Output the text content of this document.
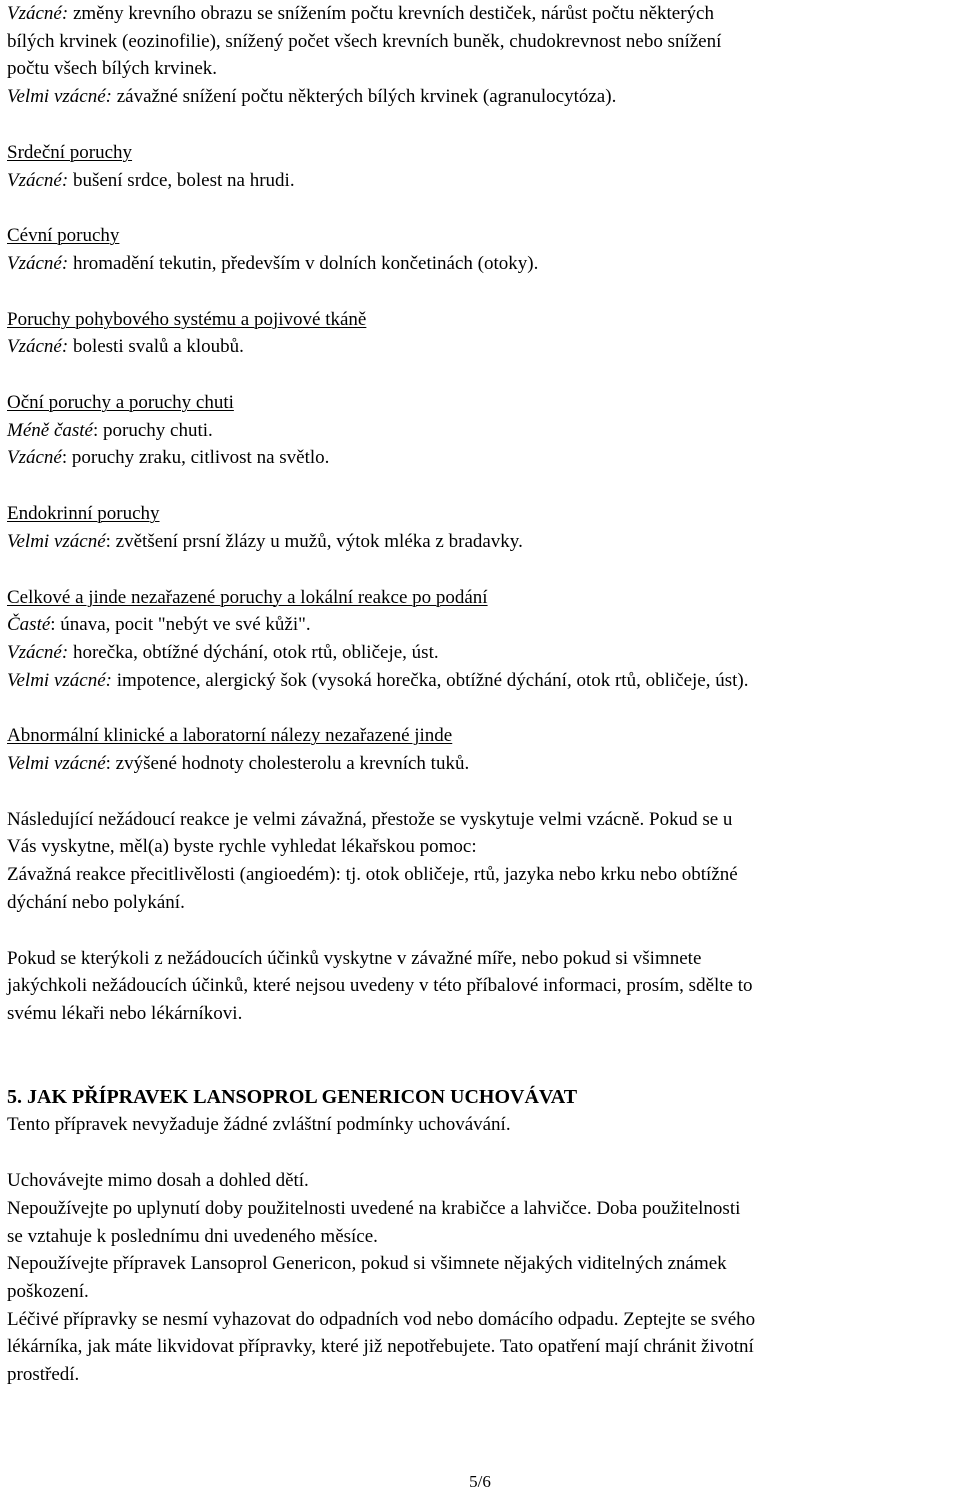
Vzácné: změny krevního obrazu se snížením počtu krevních destiček, nárůst počtu některých

bílých krvinek (eozinofilie), snížený počet všech krevních buněk, chudokrevnost nebo snížení

počtu všech bílých krvinek.

Velmi vzácné: závažné snížení počtu některých bílých krvinek (agranulocytóza).

Srdeční poruchy

Vzácné: bušení srdce, bolest na hrudi.

Cévní poruchy

Vzácné: hromadění tekutin, především v dolních končetinách (otoky).

Poruchy pohybového systému a pojivové tkáně

Vzácné: bolesti svalů a kloubů.

Oční poruchy a poruchy chuti

Méně časté: poruchy chuti.

Vzácné: poruchy zraku, citlivost na světlo.

Endokrinní poruchy

Velmi vzácné: zvětšení prsní žlázy u mužů, výtok mléka z bradavky.

Celkové a jinde nezařazené poruchy a lokální reakce po podání

Časté: únava, pocit "nebýt ve své kůži".

Vzácné: horečka, obtížné dýchání, otok rtů, obličeje, úst.

Velmi vzácné: impotence, alergický šok (vysoká horečka, obtížné dýchání, otok rtů, obličeje, úst).

Abnormální klinické a laboratorní nálezy nezařazené jinde

Velmi vzácné: zvýšené hodnoty cholesterolu a krevních tuků.

Následující nežádoucí reakce je velmi závažná, přestože se vyskytuje velmi vzácně. Pokud se u

Vás vyskytne, měl(a) byste rychle vyhledat lékařskou pomoc:

Závažná reakce přecitlivělosti (angioedém): tj. otok obličeje, rtů, jazyka nebo krku nebo obtížné

dýchání nebo polykání.

Pokud se kterýkoli z nežádoucích účinků vyskytne v závažné míře, nebo pokud si všimnete

jakýchkoli nežádoucích účinků, které nejsou uvedeny v této příbalové informaci, prosím, sdělte to

svému lékaři nebo lékárníkovi.

5. JAK PŘÍPRAVEK LANSOPROL GENERICON UCHOVÁVAT

Tento přípravek nevyžaduje žádné zvláštní podmínky uchovávání.

Uchovávejte mimo dosah a dohled dětí.

Nepoužívejte po uplynutí doby použitelnosti uvedené na krabičce a lahvičce. Doba použitelnosti

se vztahuje k poslednímu dni uvedeného měsíce.

Nepoužívejte přípravek Lansoprol Genericon, pokud si všimnete nějakých viditelných známek

poškození.

Léčivé přípravky se nesmí vyhazovat do odpadních vod nebo domácího odpadu. Zeptejte se svého

lékárníka, jak máte likvidovat přípravky, které již nepotřebujete. Tato opatření mají chránit životní

prostředí.

5/6
